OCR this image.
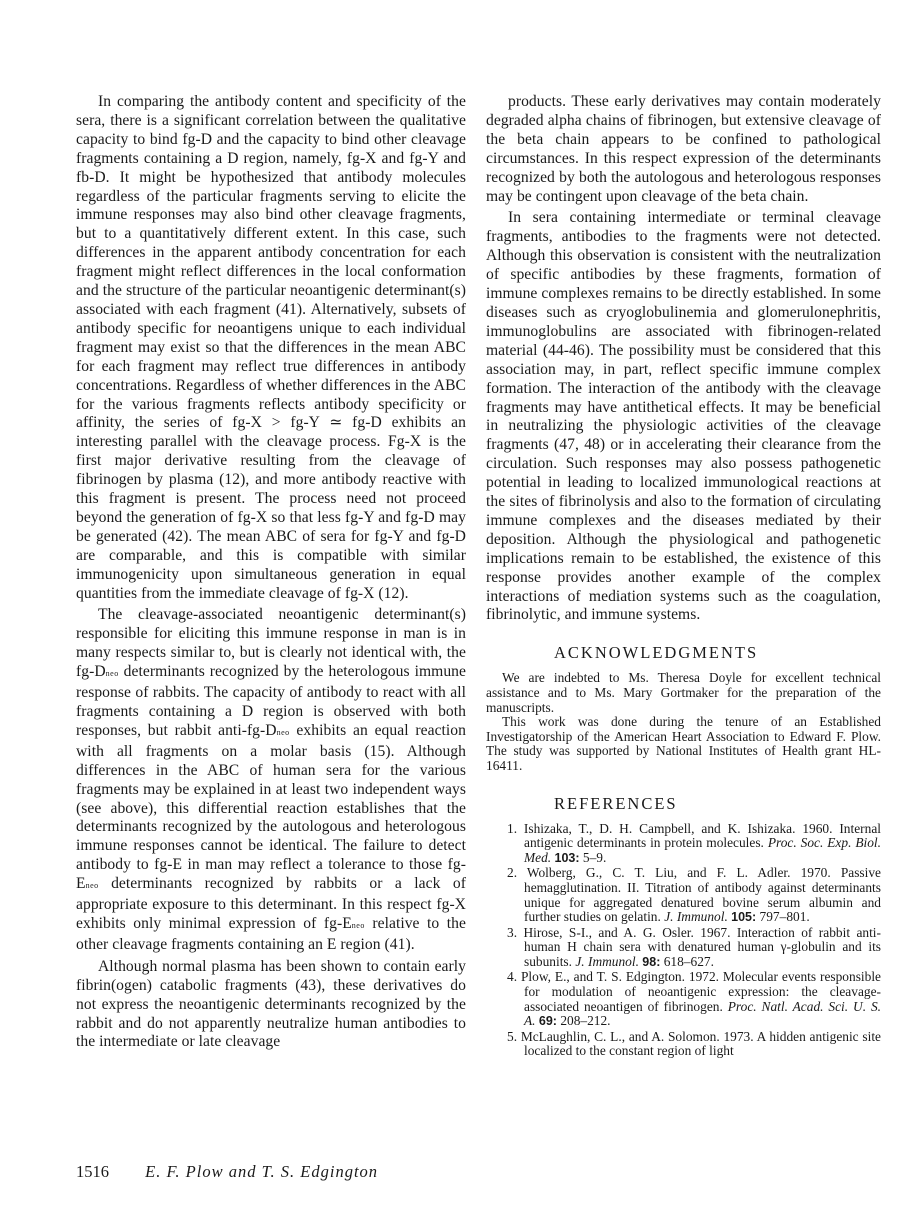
In comparing the antibody content and specificity of the sera, there is a significant correlation between the qualitative capacity to bind fg-D and the capacity to bind other cleavage fragments containing a D region, namely, fg-X and fg-Y and fb-D. It might be hypothesized that antibody molecules regardless of the particular fragments serving to elicite the immune responses may also bind other cleavage fragments, but to a quantitatively different extent. In this case, such differences in the apparent antibody concentration for each fragment might reflect differences in the local conformation and the structure of the particular neoantigenic determinant(s) associated with each fragment (41). Alternatively, subsets of antibody specific for neoantigens unique to each individual fragment may exist so that the differences in the mean ABC for each fragment may reflect true differences in antibody concentrations. Regardless of whether differences in the ABC for the various fragments reflects antibody specificity or affinity, the series of fg-X > fg-Y ≃ fg-D exhibits an interesting parallel with the cleavage process. Fg-X is the first major derivative resulting from the cleavage of fibrinogen by plasma (12), and more antibody reactive with this fragment is present. The process need not proceed beyond the generation of fg-X so that less fg-Y and fg-D may be generated (42). The mean ABC of sera for fg-Y and fg-D are comparable, and this is compatible with similar immunogenicity upon simultaneous generation in equal quantities from the immediate cleavage of fg-X (12).

The cleavage-associated neoantigenic determinant(s) responsible for eliciting this immune response in man is in many respects similar to, but is clearly not identical with, the fg-Dneo determinants recognized by the heterologous immune response of rabbits. The capacity of antibody to react with all fragments containing a D region is observed with both responses, but rabbit anti-fg-Dneo exhibits an equal reaction with all fragments on a molar basis (15). Although differences in the ABC of human sera for the various fragments may be explained in at least two independent ways (see above), this differential reaction establishes that the determinants recognized by the autologous and heterologous immune responses cannot be identical. The failure to detect antibody to fg-E in man may reflect a tolerance to those fg-Eneo determinants recognized by rabbits or a lack of appropriate exposure to this determinant. In this respect fg-X exhibits only minimal expression of fg-Eneo relative to the other cleavage fragments containing an E region (41).

Although normal plasma has been shown to contain early fibrin(ogen) catabolic fragments (43), these derivatives do not express the neoantigenic determinants recognized by the rabbit and do not apparently neutralize human antibodies to the intermediate or late cleavage

products. These early derivatives may contain moderately degraded alpha chains of fibrinogen, but extensive cleavage of the beta chain appears to be confined to pathological circumstances. In this respect expression of the determinants recognized by both the autologous and heterologous responses may be contingent upon cleavage of the beta chain.

In sera containing intermediate or terminal cleavage fragments, antibodies to the fragments were not detected. Although this observation is consistent with the neutralization of specific antibodies by these fragments, formation of immune complexes remains to be directly established. In some diseases such as cryoglobulinemia and glomerulonephritis, immunoglobulins are associated with fibrinogen-related material (44-46). The possibility must be considered that this association may, in part, reflect specific immune complex formation. The interaction of the antibody with the cleavage fragments may have antithetical effects. It may be beneficial in neutralizing the physiologic activities of the cleavage fragments (47, 48) or in accelerating their clearance from the circulation. Such responses may also possess pathogenetic potential in leading to localized immunological reactions at the sites of fibrinolysis and also to the formation of circulating immune complexes and the diseases mediated by their deposition. Although the physiological and pathogenetic implications remain to be established, the existence of this response provides another example of the complex interactions of mediation systems such as the coagulation, fibrinolytic, and immune systems.

ACKNOWLEDGMENTS

We are indebted to Ms. Theresa Doyle for excellent technical assistance and to Ms. Mary Gortmaker for the preparation of the manuscripts.

This work was done during the tenure of an Established Investigatorship of the American Heart Association to Edward F. Plow. The study was supported by National Institutes of Health grant HL-16411.

REFERENCES
1. Ishizaka, T., D. H. Campbell, and K. Ishizaka. 1960. Internal antigenic determinants in protein molecules. Proc. Soc. Exp. Biol. Med. 103: 5–9.
2. Wolberg, G., C. T. Liu, and F. L. Adler. 1970. Passive hemagglutination. II. Titration of antibody against determinants unique for aggregated denatured bovine serum albumin and further studies on gelatin. J. Immunol. 105: 797–801.
3. Hirose, S-I., and A. G. Osler. 1967. Interaction of rabbit anti-human H chain sera with denatured human γ-globulin and its subunits. J. Immunol. 98: 618–627.
4. Plow, E., and T. S. Edgington. 1972. Molecular events responsible for modulation of neoantigenic expression: the cleavage-associated neoantigen of fibrinogen. Proc. Natl. Acad. Sci. U. S. A. 69: 208–212.
5. McLaughlin, C. L., and A. Solomon. 1973. A hidden antigenic site localized to the constant region of light
1516 E. F. Plow and T. S. Edgington
